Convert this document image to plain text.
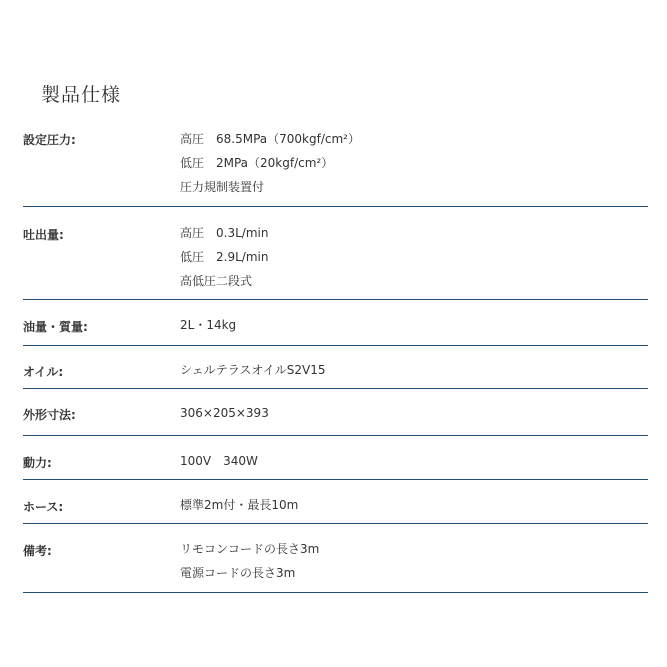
製品仕様
設定圧力:	高圧　68.5MPa（700kgf/cm²）
低圧　2MPa（20kgf/cm²）
圧力規制装置付
吐出量:	高圧　0.3L/min
低圧　2.9L/min
高低圧二段式
油量・質量:	2L・14kg
オイル:	シェルテラスオイルS2V15
外形寸法:	306×205×393
動力:	100V　340W
ホース:	標準2m付・最長10m
備考:	リモコンコードの長さ3m
電源コードの長さ3m
